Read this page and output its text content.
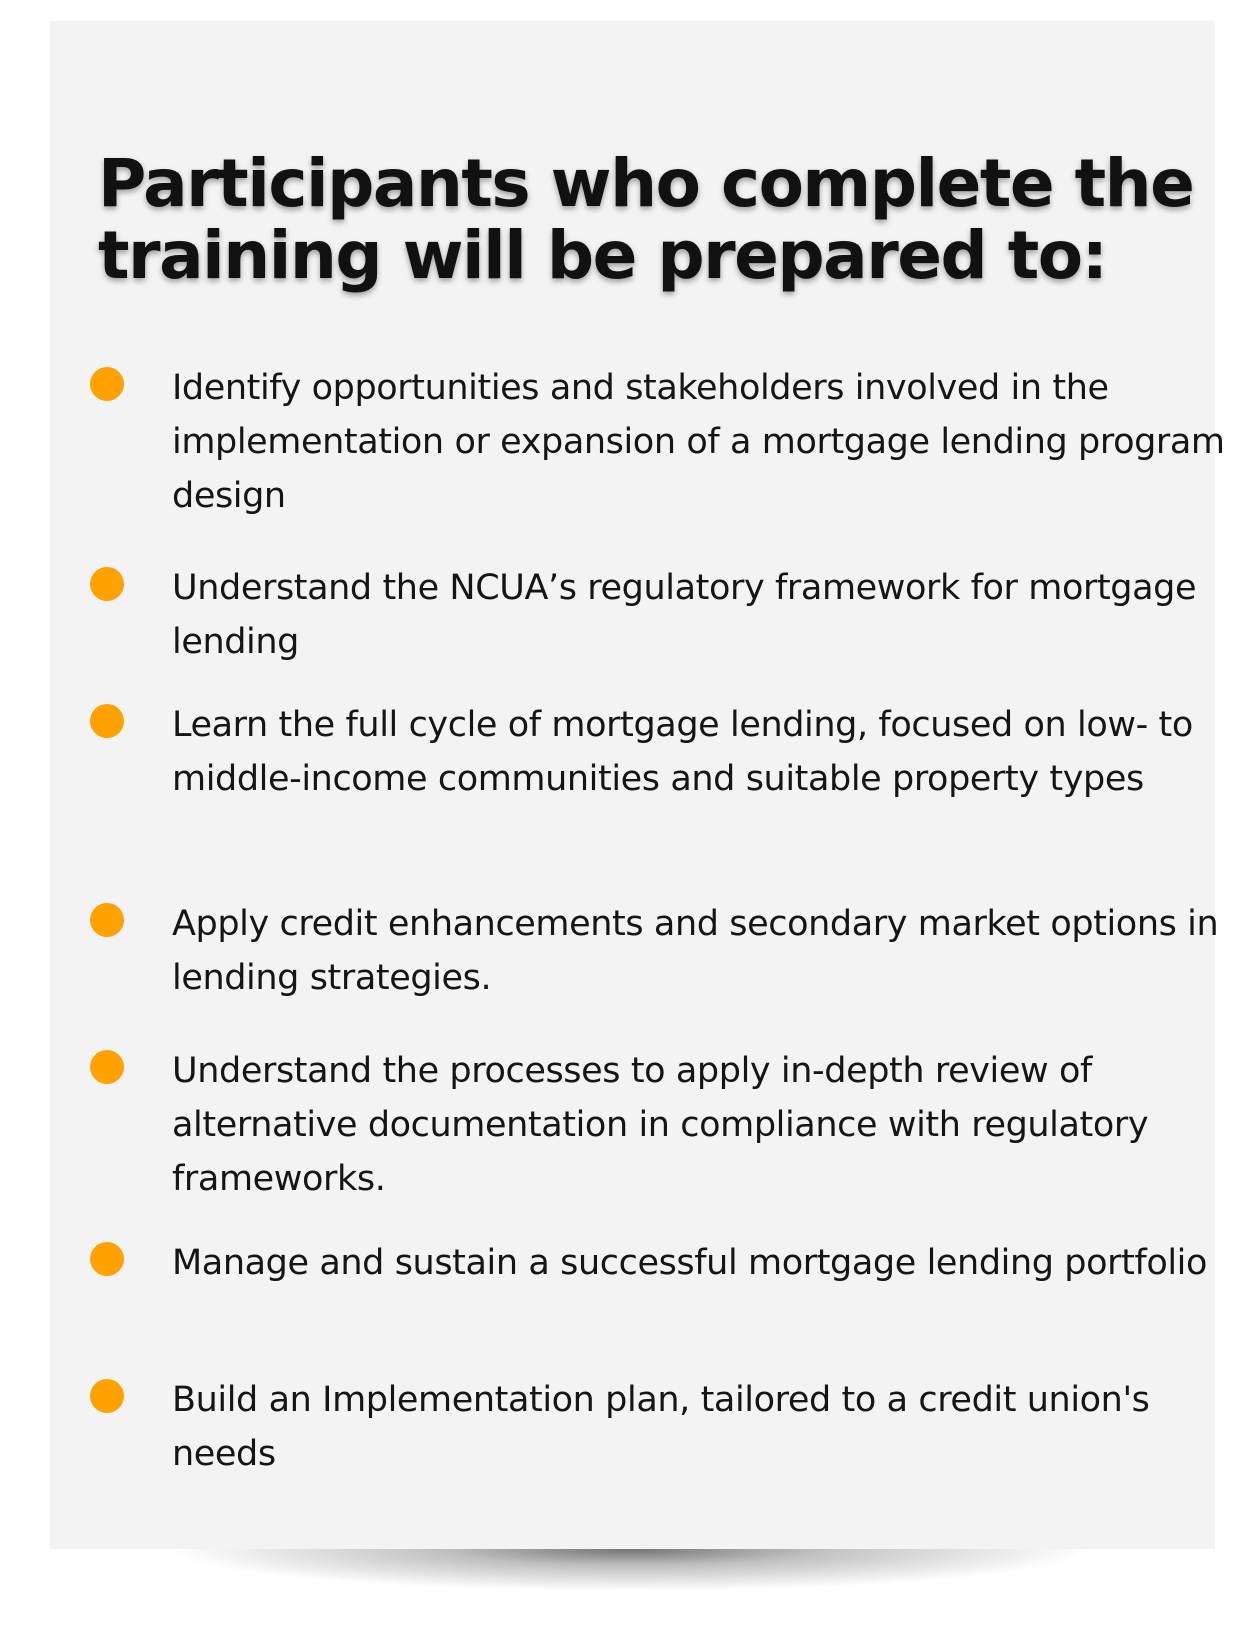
Participants who complete the training will be prepared to:
Identify opportunities and stakeholders involved in the implementation or expansion of a mortgage lending program design
Understand the NCUA’s regulatory framework for mortgage lending
Learn the full cycle of mortgage lending, focused on low- to middle-income communities and suitable property types
Apply credit enhancements and secondary market options in lending strategies.
Understand the processes to apply in-depth review of alternative documentation in compliance with regulatory frameworks.
Manage and sustain a successful mortgage lending portfolio
Build an Implementation plan, tailored to a credit union's needs
